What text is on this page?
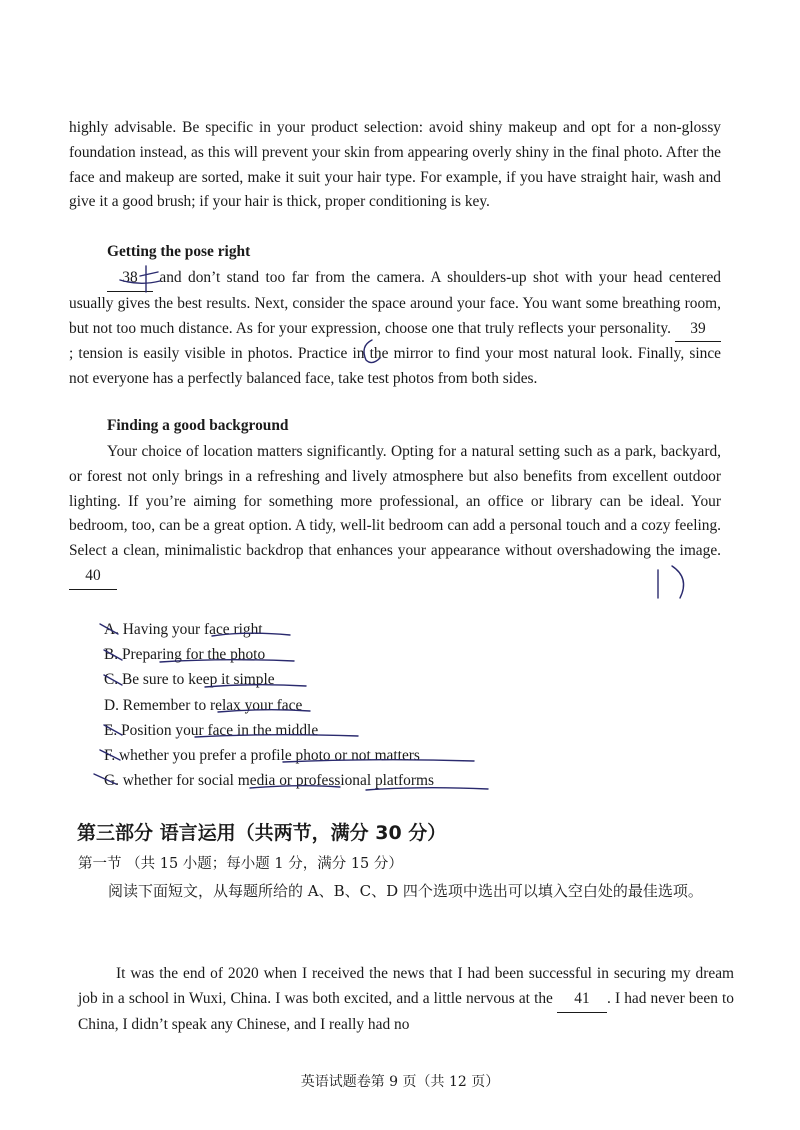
highly advisable. Be specific in your product selection: avoid shiny makeup and opt for a non-glossy foundation instead, as this will prevent your skin from appearing overly shiny in the final photo. After the face and makeup are sorted, make it suit your hair type. For example, if you have straight hair, wash and give it a good brush; if your hair is thick, proper conditioning is key.
Getting the pose right
38 and don’t stand too far from the camera. A shoulders-up shot with your head centered usually gives the best results. Next, consider the space around your face. You want some breathing room, but not too much distance. As for your expression, choose one that truly reflects your personality. 39; tension is easily visible in photos. Practice in the mirror to find your most natural look. Finally, since not everyone has a perfectly balanced face, take test photos from both sides.
Finding a good background
Your choice of location matters significantly. Opting for a natural setting such as a park, backyard, or forest not only brings in a refreshing and lively atmosphere but also benefits from excellent outdoor lighting. If you’re aiming for something more professional, an office or library can be ideal. Your bedroom, too, can be a great option. A tidy, well-lit bedroom can add a personal touch and a cozy feeling. Select a clean, minimalistic backdrop that enhances your appearance without overshadowing the image. 40
A. Having your face right
B. Preparing for the photo
C. Be sure to keep it simple
D. Remember to relax your face
E. Position your face in the middle
F. whether you prefer a profile photo or not matters
G. whether for social media or professional platforms
第三部分 语言运用（共两节，满分 30 分）
第一节 （共 15 小题；每小题 1 分，满分 15 分）
阅读下面短文，从每题所给的 A、B、C、D 四个选项中选出可以填入空白处的最佳选项。
It was the end of 2020 when I received the news that I had been successful in securing my dream job in a school in Wuxi, China. I was both excited, and a little nervous at the 41 . I had never been to China, I didn’t speak any Chinese, and I really had no
英语试题卷第 9 页（共 12 页）
